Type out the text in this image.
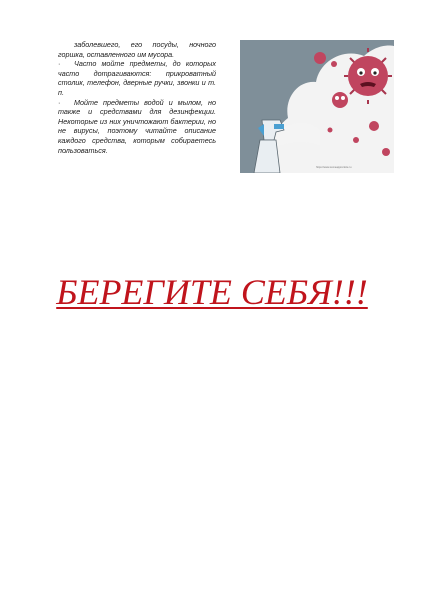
заболевшего, его посуды, ночного горшка, оставленного им мусора.

· Часто мойте предметы, до которых часто дотрагиваются: прикроватный столик, телефон, дверные ручки, звонки и т. п.

· Мойте предметы водой и мылом, но также и средствами для дезинфекции. Некоторые из них уничтожают бактерии, но не вирусы, поэтому читайте описание каждого средства, которым собираетесь пользоваться.

https://www.someapprentice.ru
БЕРЕГИТЕ СЕБЯ!!!
